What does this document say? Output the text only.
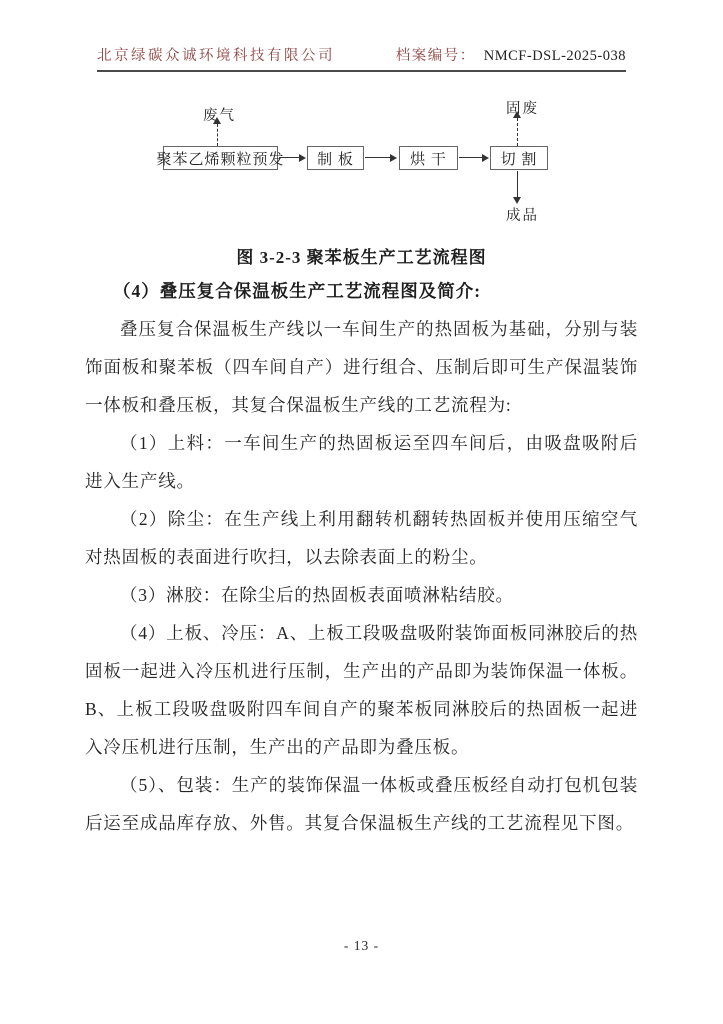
北京绿碳众诚环境科技有限公司	档案编号： NMCF-DSL-2025-038
废气	固废
成品
聚苯乙烯颗粒预发	制 板	烘 干	切 割
图 3-2-3 聚苯板生产工艺流程图

（4）叠压复合保温板生产工艺流程图及简介:

叠压复合保温板生产线以一车间生产的热固板为基础，分别与装饰面板和聚苯板（四车间自产）进行组合、压制后即可生产保温装饰一体板和叠压板，其复合保温板生产线的工艺流程为:

（1）上料：一车间生产的热固板运至四车间后，由吸盘吸附后进入生产线。

（2）除尘：在生产线上利用翻转机翻转热固板并使用压缩空气对热固板的表面进行吹扫，以去除表面上的粉尘。

（3）淋胶：在除尘后的热固板表面喷淋粘结胶。

（4）上板、冷压：A、上板工段吸盘吸附装饰面板同淋胶后的热固板一起进入冷压机进行压制，生产出的产品即为装饰保温一体板。B、上板工段吸盘吸附四车间自产的聚苯板同淋胶后的热固板一起进入冷压机进行压制，生产出的产品即为叠压板。

（5）、包装：生产的装饰保温一体板或叠压板经自动打包机包装后运至成品库存放、外售。其复合保温板生产线的工艺流程见下图。

- 13 -
